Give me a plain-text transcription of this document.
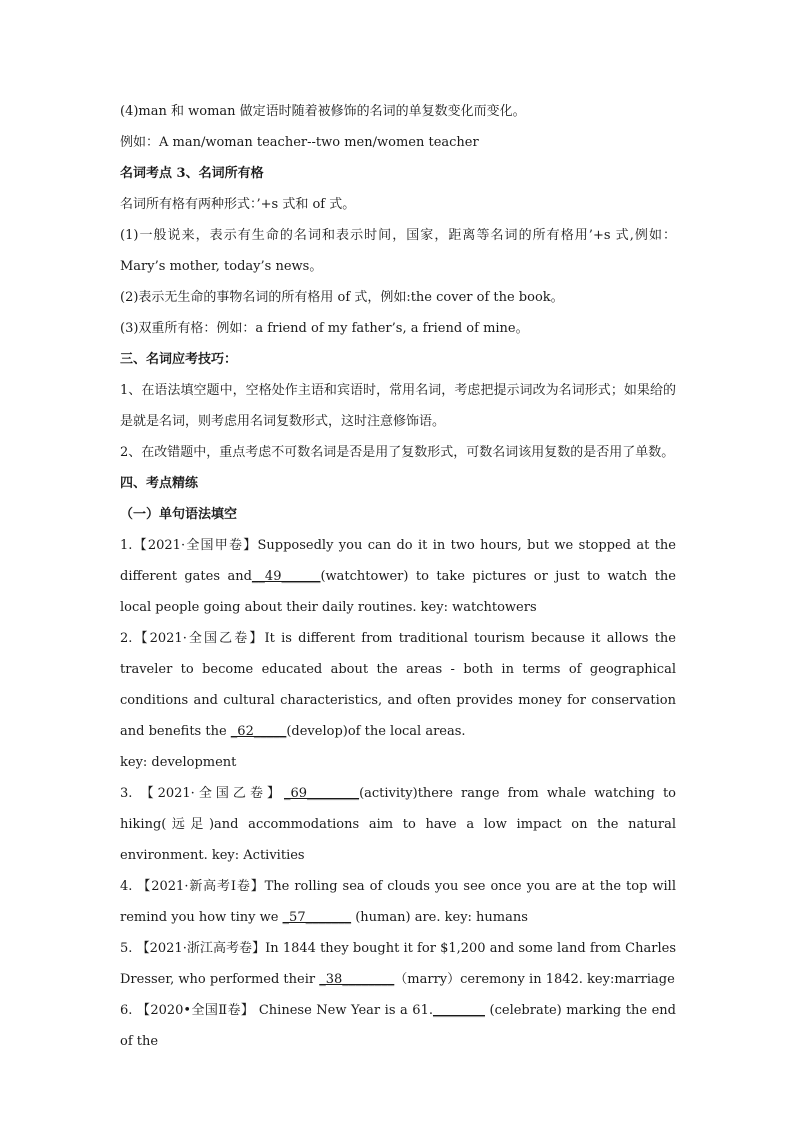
(4)man 和 woman 做定语时随着被修饰的名词的单复数变化而变化。

例如：A man/woman teacher--two men/women teacher

名词考点 3、名词所有格

名词所有格有两种形式：’+s 式和 of 式。

(1)一般说来，表示有生命的名词和表示时间，国家，距离等名词的所有格用’+s 式,例如：Mary’s mother, today’s news。

(2)表示无生命的事物名词的所有格用 of 式，例如:the cover of the book。

(3)双重所有格：例如：a friend of my father’s, a friend of mine。

三、名词应考技巧：

1、在语法填空题中，空格处作主语和宾语时，常用名词，考虑把提示词改为名词形式；如果给的是就是名词，则考虑用名词复数形式，这时注意修饰语。

2、在改错题中，重点考虑不可数名词是否是用了复数形式，可数名词该用复数的是否用了单数。

四、考点精练

（一）单句语法填空

1.【2021·全国甲卷】Supposedly you can do it in two hours, but we stopped at the different gates and__49______(watchtower) to take pictures or just to watch the local people going about their daily routines. key: watchtowers

2.【2021·全国乙卷】It is different from traditional tourism because it allows the traveler to become educated about the areas - both in terms of geographical conditions and cultural characteristics, and often provides money for conservation and benefits the _62_____(develop)of the local areas.

key: development

3. 【2021·全国乙卷】_69________(activity)there range from whale watching to hiking(远足)and accommodations aim to have a low impact on the natural environment. key: Activities

4. 【2021·新高考Ⅰ卷】The rolling sea of clouds you see once you are at the top will remind you how tiny we _57_______ (human) are. key: humans

5. 【2021·浙江高考卷】In 1844 they bought it for $1,200 and some land from Charles Dresser, who performed their _38________（marry）ceremony in 1842. key:marriage

6. 【2020•全国Ⅱ卷】 Chinese New Year is a 61.________ (celebrate) marking the end of the
